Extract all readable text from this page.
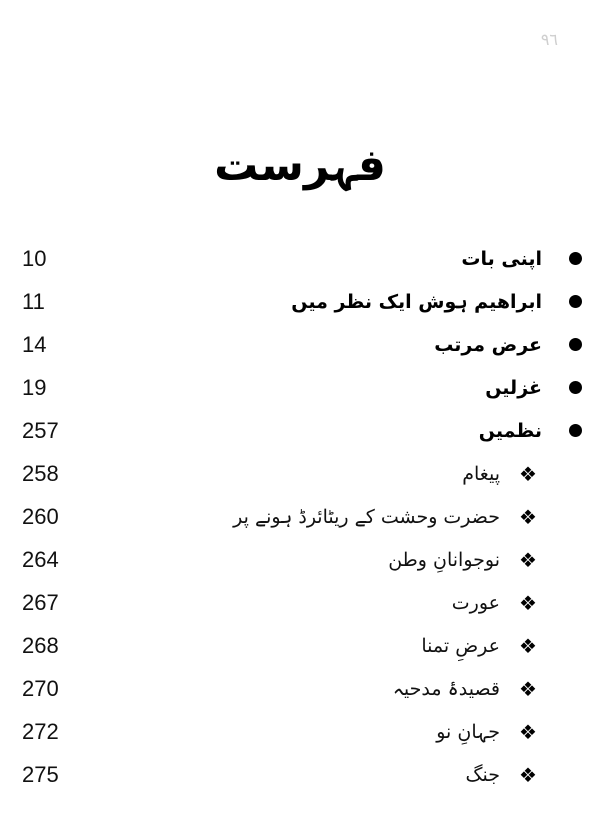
٩٦
فہرست
10	اپنی بات
11	ابراھیم ہوش ایک نظر میں
14	عرض مرتب
19	غزلیں
257	نظمیں
258	پیغام ❖
260	حضرت وحشت کے ریٹائرڈ ہونے پر ❖
264	نوجوانانِ وطن ❖
267	عورت ❖
268	عرضِ تمنا ❖
270	قصیدۂ مدحیہ ❖
272	جہانِ نو ❖
275	جنگ ❖
